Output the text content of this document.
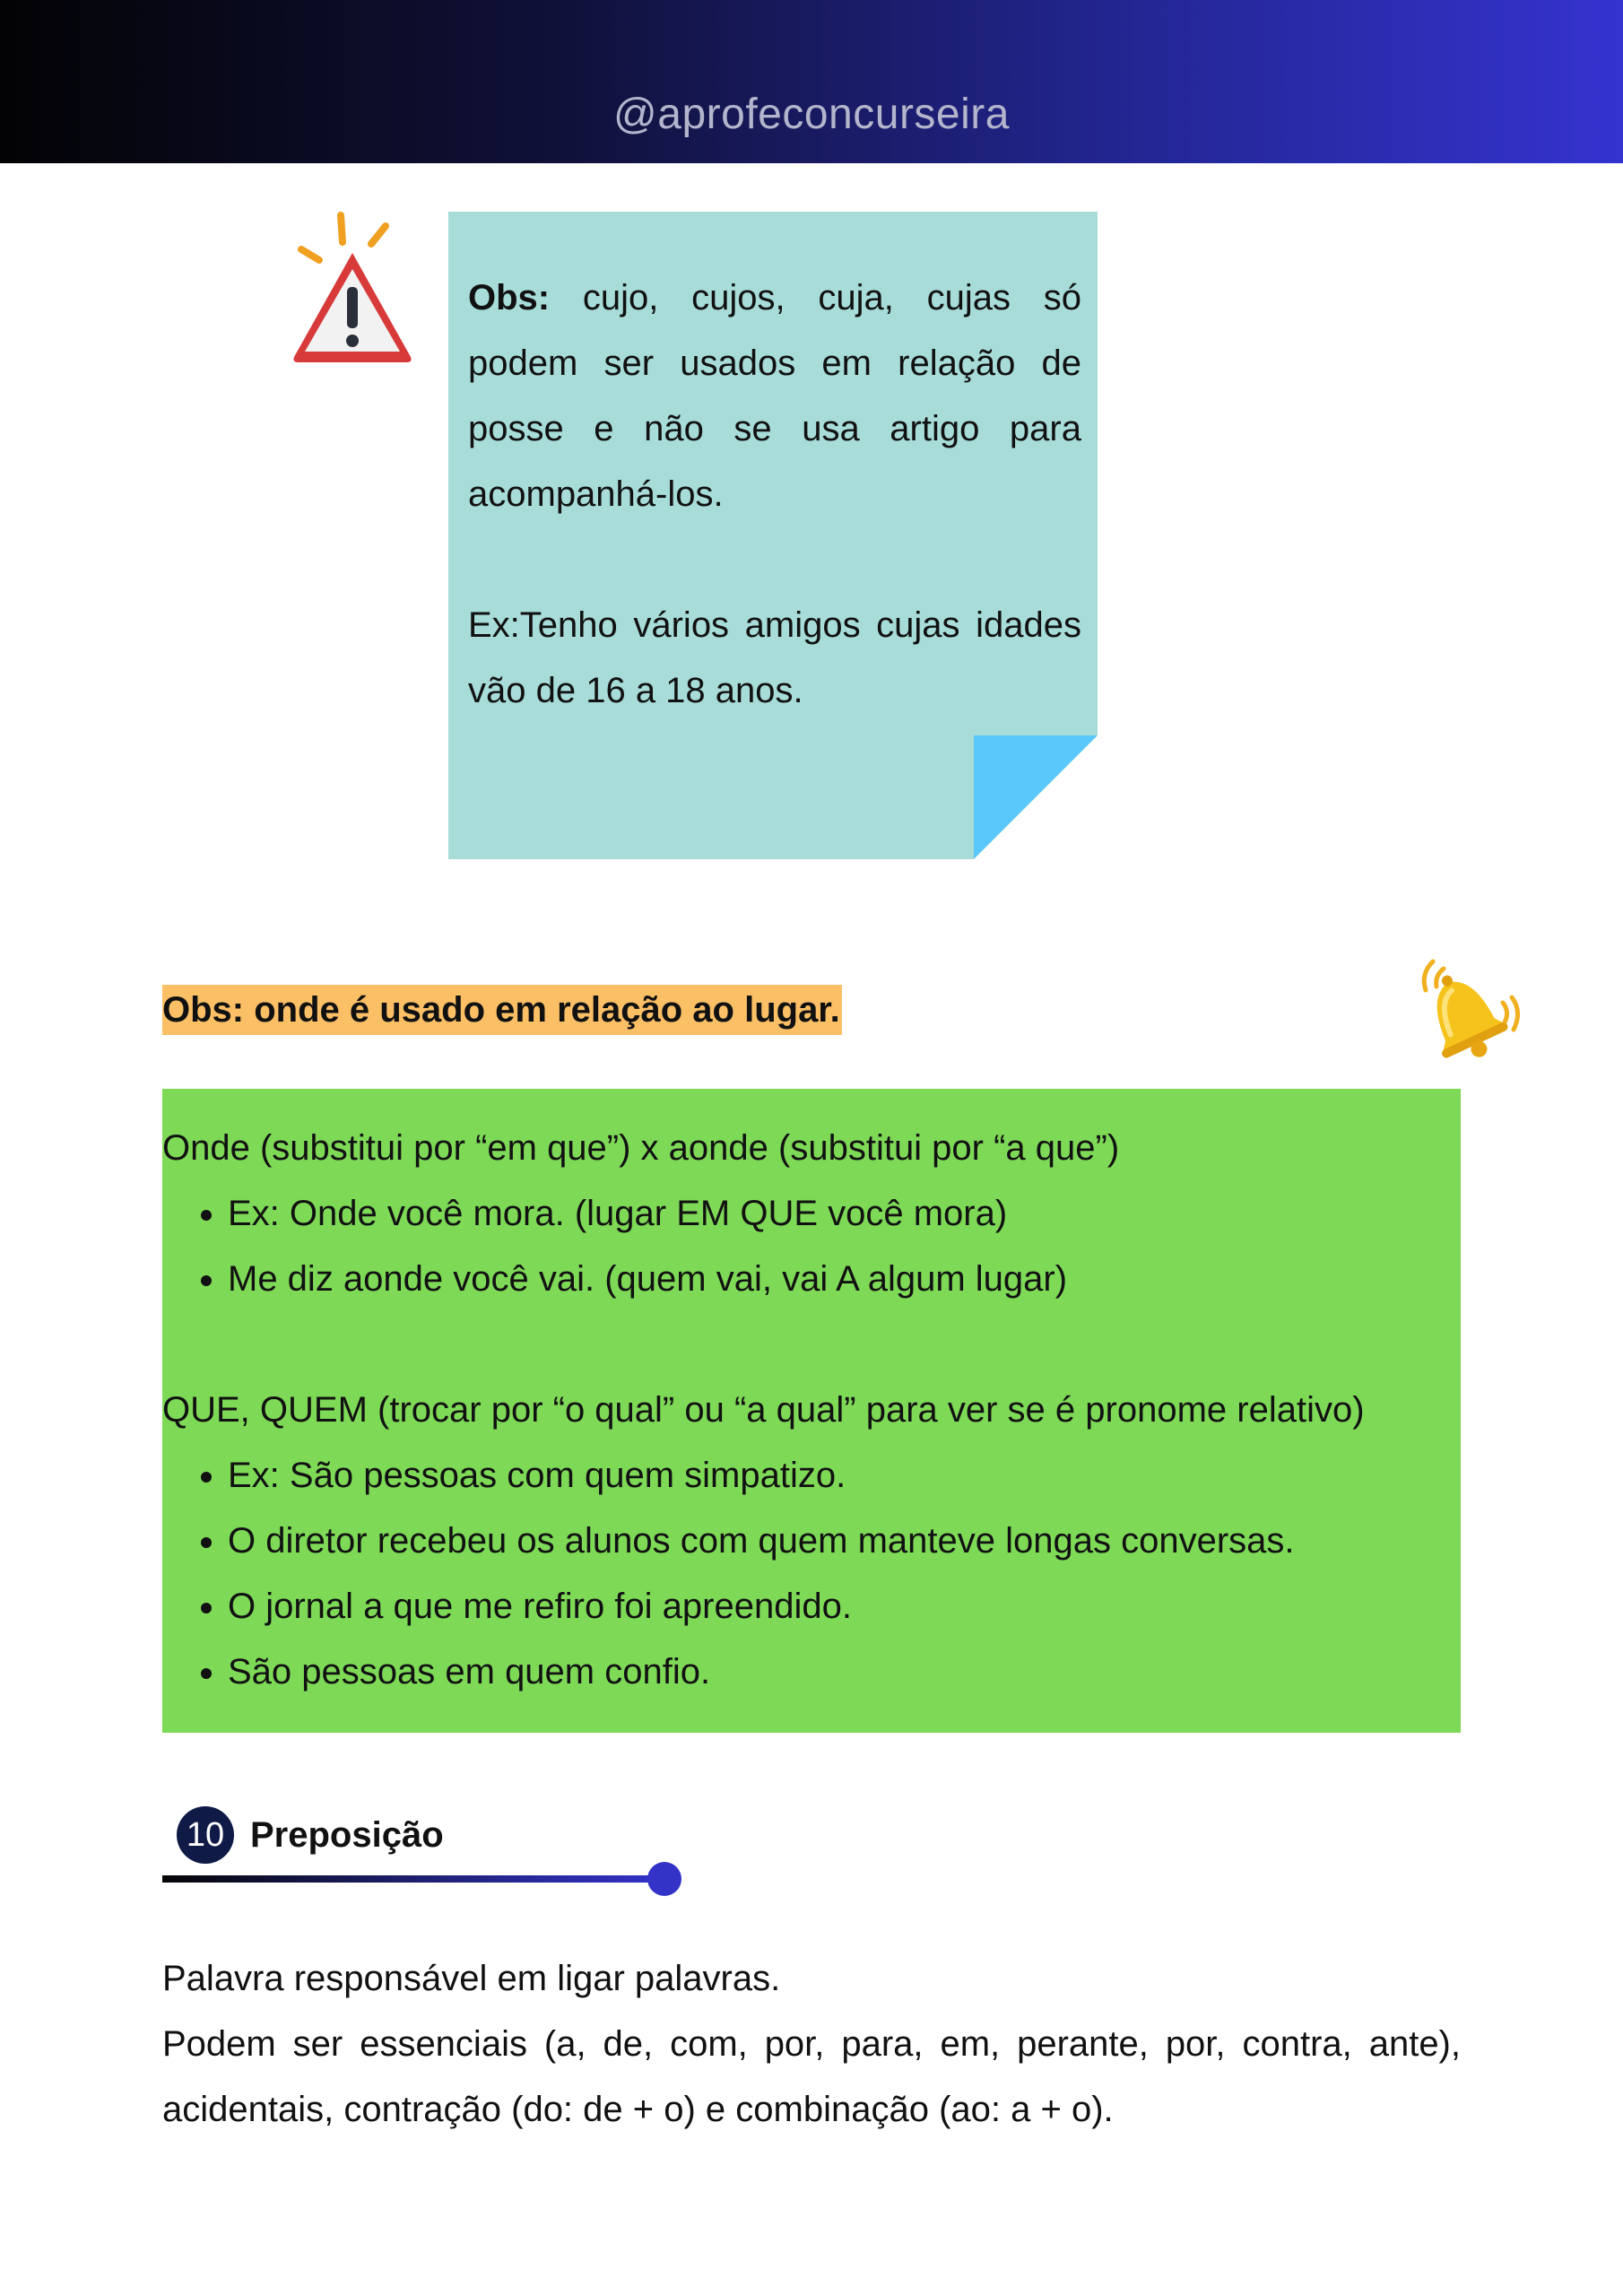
@aprofeconcurseira

Obs: cujo, cujos, cuja, cujas só podem ser usados em relação de posse e não se usa artigo para acompanhá-los.

Ex:Tenho vários amigos cujas idades vão de 16 a 18 anos.

Obs: onde é usado em relação ao lugar.

Onde (substitui por “em que”) x aonde (substitui por “a que”)

• Ex: Onde você mora. (lugar EM QUE você mora)
• Me diz aonde você vai. (quem vai, vai A algum lugar)

QUE, QUEM (trocar por “o qual” ou “a qual” para ver se é pronome relativo)

• Ex: São pessoas com quem simpatizo.
• O diretor recebeu os alunos com quem manteve longas conversas.
• O jornal a que me refiro foi apreendido.
• São pessoas em quem confio.
10 Preposição

Palavra responsável em ligar palavras.

Podem ser essenciais (a, de, com, por, para, em, perante, por, contra, ante), acidentais, contração (do: de + o) e combinação (ao: a + o).
